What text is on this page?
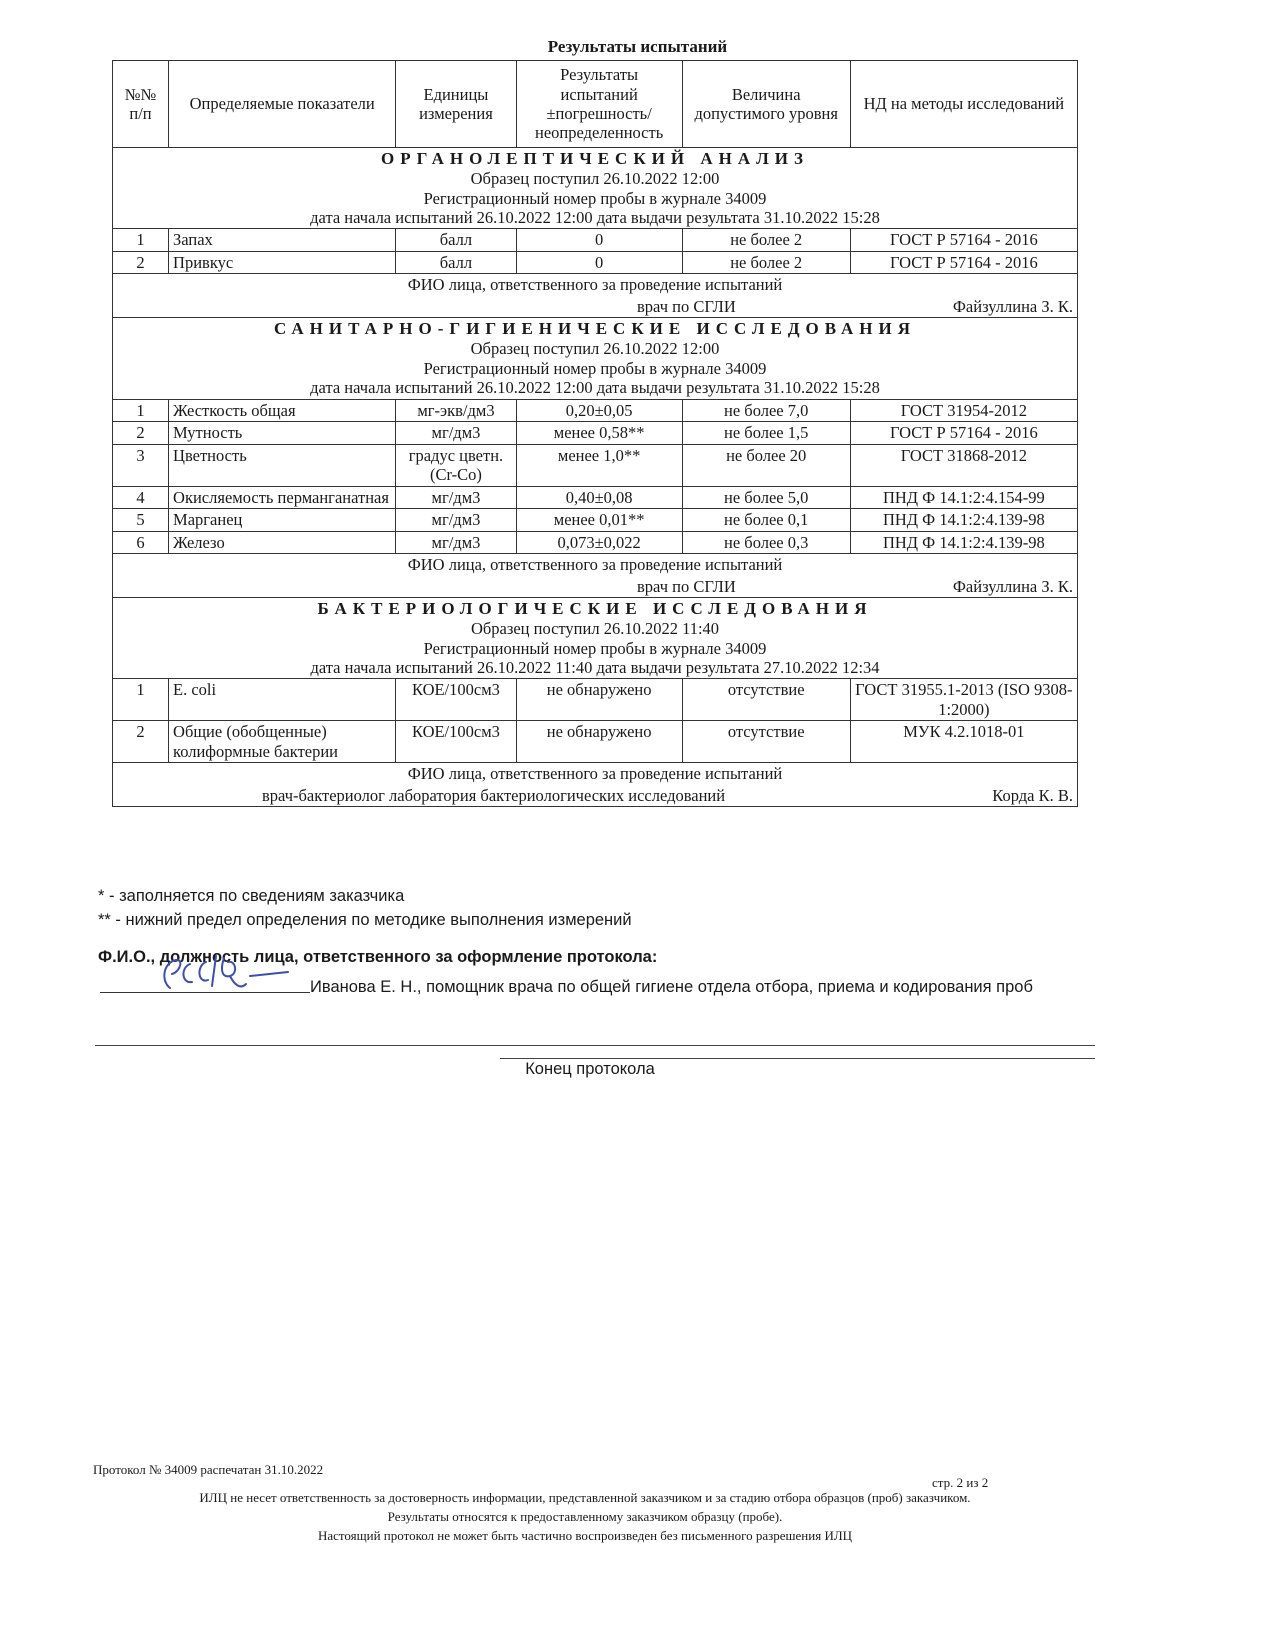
Результаты испытаний
№№ п/п	Определяемые показатели	Единицы измерения	Результаты испытаний ±погрешность/ неопределенность	Величина допустимого уровня	НД на методы исследований

ОРГАНОЛЕПТИЧЕСКИЙ АНАЛИЗ
Образец поступил 26.10.2022 12:00
Регистрационный номер пробы в журнале 34009
дата начала испытаний 26.10.2022 12:00 дата выдачи результата 31.10.2022 15:28					

1	Запах	балл	0	не более 2	ГОСТ Р 57164 - 2016
2	Привкус	балл	0	не более 2	ГОСТ Р 57164 - 2016

ФИО лица, ответственного за проведение испытаний
врач по СГЛИ Файзуллина З. К.					

САНИТАРНО-ГИГИЕНИЧЕСКИЕ ИССЛЕДОВАНИЯ
Образец поступил 26.10.2022 12:00
Регистрационный номер пробы в журнале 34009
дата начала испытаний 26.10.2022 12:00 дата выдачи результата 31.10.2022 15:28					

1	Жесткость общая	мг-экв/дм3	0,20±0,05	не более 7,0	ГОСТ 31954-2012
2	Мутность	мг/дм3	менее 0,58**	не более 1,5	ГОСТ Р 57164 - 2016
3	Цветность	градус цветн.(Cr-Co)	менее 1,0**	не более 20	ГОСТ 31868-2012
4	Окисляемость перманганатная	мг/дм3	0,40±0,08	не более 5,0	ПНД Ф 14.1:2:4.154-99
5	Марганец	мг/дм3	менее 0,01**	не более 0,1	ПНД Ф 14.1:2:4.139-98
6	Железо	мг/дм3	0,073±0,022	не более 0,3	ПНД Ф 14.1:2:4.139-98

ФИО лица, ответственного за проведение испытаний
врач по СГЛИ Файзуллина З. К.					

БАКТЕРИОЛОГИЧЕСКИЕ ИССЛЕДОВАНИЯ
Образец поступил 26.10.2022 11:40
Регистрационный номер пробы в журнале 34009
дата начала испытаний 26.10.2022 11:40 дата выдачи результата 27.10.2022 12:34					

1	E. coli	КОЕ/100см3	не обнаружено	отсутствие	ГОСТ 31955.1-2013 (ISO 9308-1:2000)
2	Общие (обобщенные) колиформные бактерии	КОЕ/100см3	не обнаружено	отсутствие	МУК 4.2.1018-01

ФИО лица, ответственного за проведение испытаний
врач-бактериолог лаборатория бактериологических исследований Корда К. В.					
* - заполняется по сведениям заказчика
** - нижний предел определения по методике выполнения измерений
Ф.И.О., должность лица, ответственного за оформление протокола:
Иванова Е. Н., помощник врача по общей гигиене отдела отбора, приема и кодирования проб
Конец протокола
Протокол № 34009 распечатан 31.10.2022
стр. 2 из 2
ИЛЦ не несет ответственность за достоверность информации, представленной заказчиком и за стадию отбора образцов (проб) заказчиком.
Результаты относятся к предоставленному заказчиком образцу (пробе).
Настоящий протокол не может быть частично воспроизведен без письменного разрешения ИЛЦ
